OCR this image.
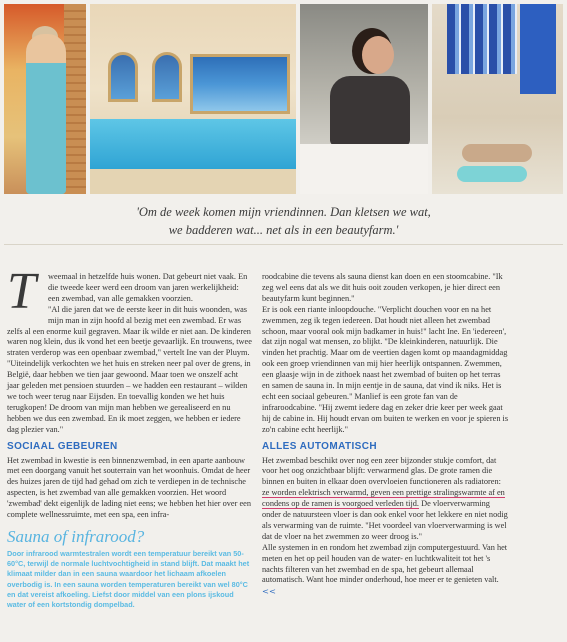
'Om de week komen mijn vriendinnen. Dan kletsen we wat,
we badderen wat... net als in een beautyfarm.'

T	weemaal in hetzelfde huis wonen. Dat gebeurt niet vaak. En die tweede keer werd een droom van jaren werkelijkheid: een zwembad, van alle gemakken voorzien.

"Al die jaren dat we de eerste keer in dit huis woonden, was mijn man in zijn hoofd al bezig met een zwembad. Er was zelfs al een enorme kuil gegraven. Maar ik wilde er niet aan. De kinderen waren nog klein, dus ik vond het een beetje gevaarlijk. En trouwens, twee straten verderop was een openbaar zwembad," vertelt Ine van der Pluym. "Uiteindelijk verkochten we het huis en streken neer pal over de grens, in België, daar hebben we tien jaar gewoond. Maar toen we onszelf acht jaar geleden met pensioen stuurden – we hadden een restaurant – wilden we toch weer terug naar Eijsden. En toevallig konden we het huis terugkopen! De droom van mijn man hebben we gerealiseerd en nu hebben we dus een zwembad. En ik moet zeggen, we hebben er iedere dag plezier van."

SOCIAAL GEBEUREN

Het zwembad in kwestie is een binnenzwembad, in een aparte aanbouw met een doorgang vanuit het souterrain van het woonhuis. Omdat de heer des huizes jaren de tijd had gehad om zich te verdiepen in de technische aspecten, is het zwembad van alle gemakken voorzien. Het woord 'zwembad' dekt eigenlijk de lading niet eens; we hebben het hier over een complete wellnessruimte, met een spa, een infra-

Sauna of infrarood?
Door infrarood warmtestralen wordt een temperatuur bereikt van 50-60°C, terwijl de normale luchtvochtigheid in stand blijft. Dat maakt het klimaat milder dan in een sauna waardoor het lichaam afkoelen overbodig is. In een sauna worden temperaturen bereikt van wel 80°C en dat vereist afkoeling. Liefst door middel van een plons ijskoud water of een kortstondig dompelbad.

roodcabine die tevens als sauna dienst kan doen en een stoomcabine. "Ik zeg wel eens dat als we dit huis ooit zouden verkopen, je hier direct een beautyfarm kunt beginnen."

Er is ook een riante inloopdouche. "Verplicht douchen voor en na het zwemmen, zeg ik tegen iedereen. Dat houdt niet alleen het zwembad schoon, maar vooral ook mijn badkamer in huis!" lacht Ine. En 'iedereen', dat zijn nogal wat mensen, zo blijkt. "De kleinkinderen, natuurlijk. Die vinden het prachtig. Maar om de veertien dagen komt op maandagmiddag ook een groep vriendinnen van mij hier heerlijk ontspannen. Zwemmen, een glaasje wijn in de zithoek naast het zwembad of buiten op het terras en samen de sauna in. In mijn eentje in de sauna, dat vind ik niks. Het is echt een sociaal gebeuren." Manlief is een grote fan van de infraroodcabine. "Hij zwemt iedere dag en zeker drie keer per week gaat hij de cabine in. Hij houdt ervan om buiten te werken en voor je spieren is zo'n cabine echt heerlijk."

ALLES AUTOMATISCH

Het zwembad beschikt over nog een zeer bijzonder stukje comfort, dat voor het oog onzichtbaar blijft: verwarmend glas. De grote ramen die binnen en buiten in elkaar doen overvloeien functioneren als radiatoren: ze worden elektrisch verwarmd, geven een prettige stralingswarmte af en condens op de ramen is voorgoed verleden tijd. De vloerverwarming onder de natuursteen vloer is dan ook enkel voor het lekkere en niet nodig als verwarming van de ruimte. "Het voordeel van vloerverwarming is wel dat de vloer na het zwemmen zo weer droog is."

Alle systemen in en rondom het zwembad zijn computergestuurd. Van het meten en het op peil houden van de water- en luchtkwaliteit tot het 's nachts filteren van het zwembad en de spa, het gebeurt allemaal automatisch. Want hoe minder onderhoud, hoe meer er te genieten valt. <<
